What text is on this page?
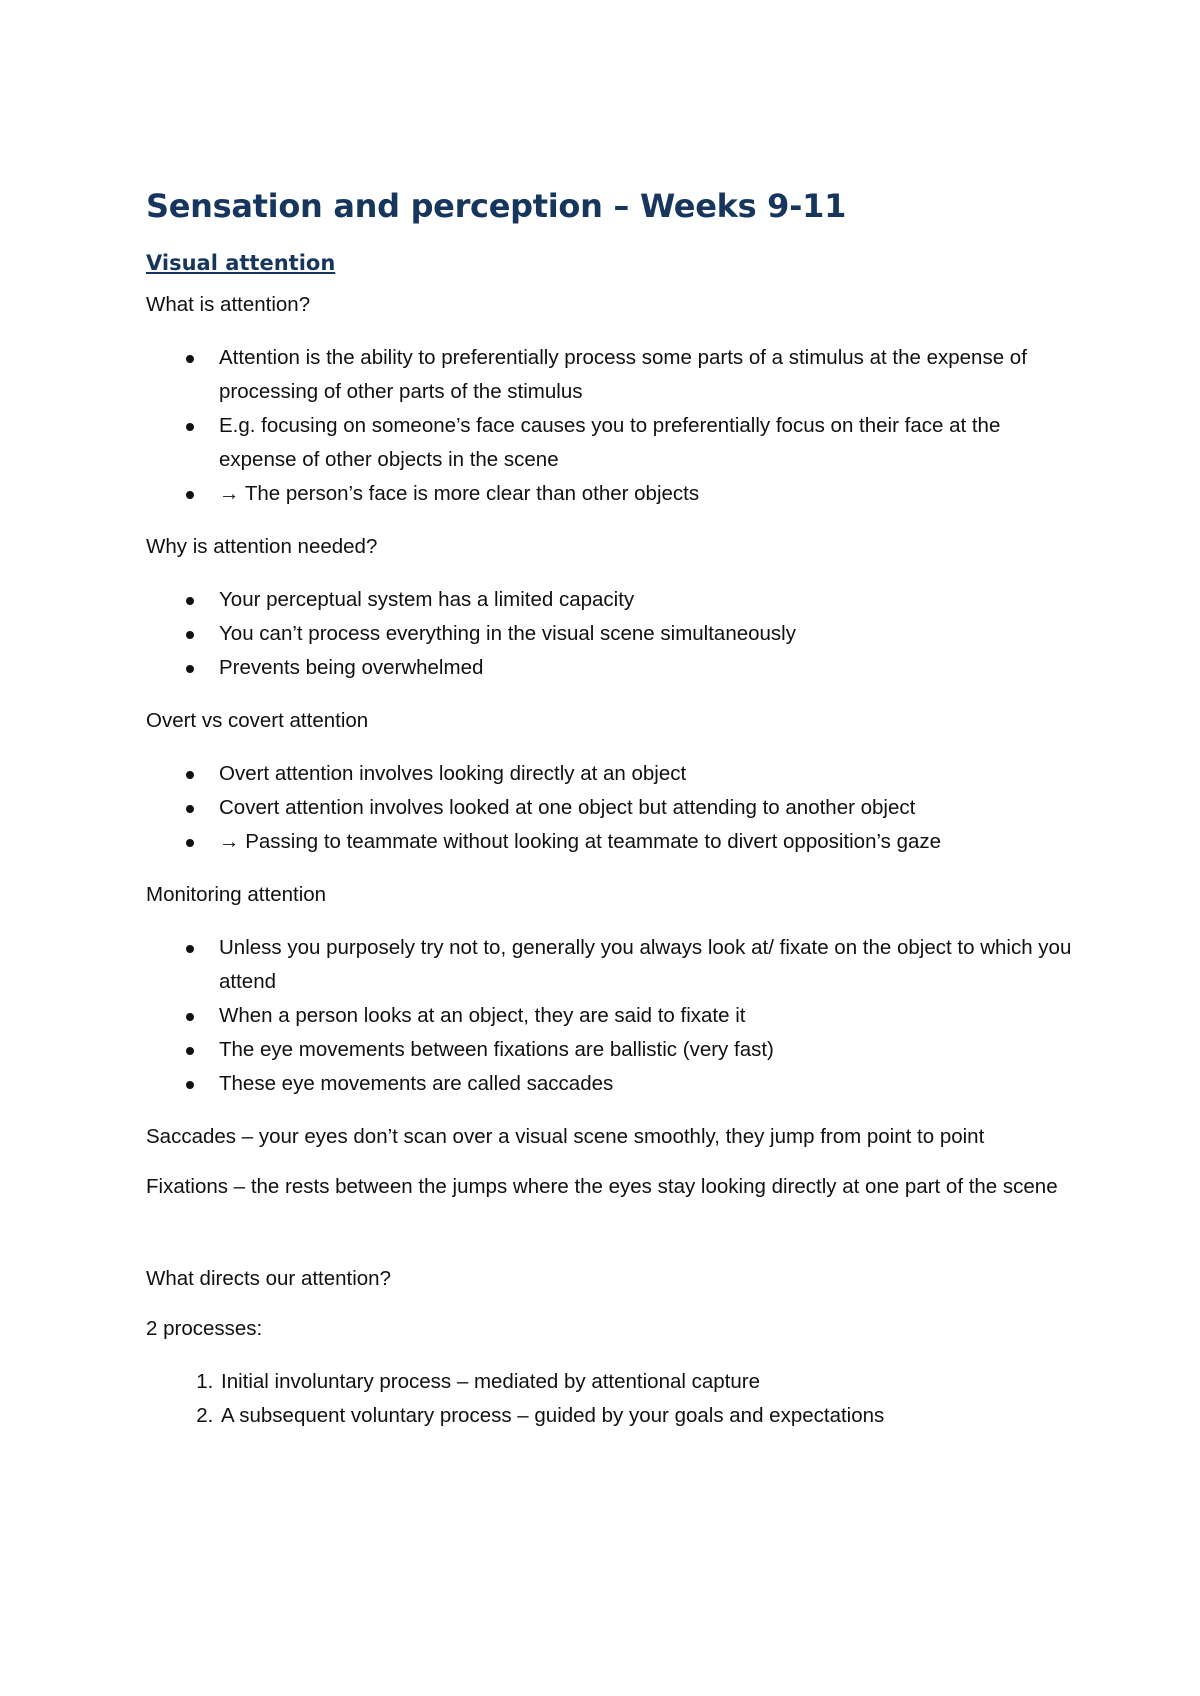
Sensation and perception – Weeks 9-11
Visual attention

What is attention?

Attention is the ability to preferentially process some parts of a stimulus at the expense of processing of other parts of the stimulus
E.g. focusing on someone’s face causes you to preferentially focus on their face at the expense of other objects in the scene
→ The person’s face is more clear than other objects

Why is attention needed?

Your perceptual system has a limited capacity
You can’t process everything in the visual scene simultaneously
Prevents being overwhelmed

Overt vs covert attention

Overt attention involves looking directly at an object
Covert attention involves looked at one object but attending to another object
→ Passing to teammate without looking at teammate to divert opposition’s gaze

Monitoring attention

Unless you purposely try not to, generally you always look at/ fixate on the object to which you attend
When a person looks at an object, they are said to fixate it
The eye movements between fixations are ballistic (very fast)
These eye movements are called saccades

Saccades – your eyes don’t scan over a visual scene smoothly, they jump from point to point

Fixations – the rests between the jumps where the eyes stay looking directly at one part of the scene

What directs our attention?

2 processes:

1. Initial involuntary process – mediated by attentional capture
2. A subsequent voluntary process – guided by your goals and expectations
